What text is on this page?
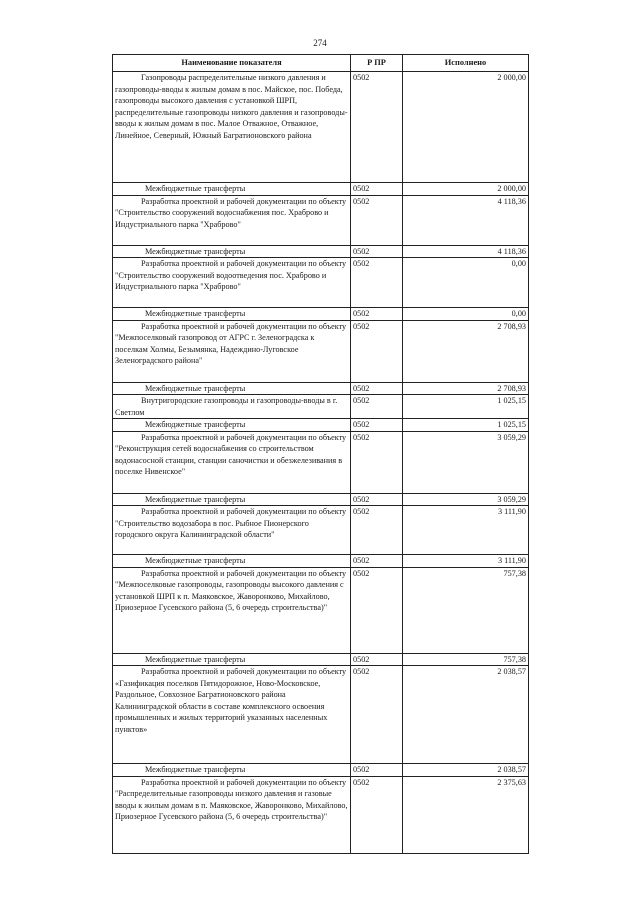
274
Наименование показателя	Р ПР	Исполнено
Газопроводы распределительные низкого давления и газопроводы-вводы к жилым домам в пос. Майское, пос. Победа, газопроводы высокого давления с установкой ШРП, распределительные газопроводы низкого давления и газопроводы-вводы к жилым домам в пос. Малое Отважное, Отважное, Линейное, Северный, Южный Багратионовского района	0502	2 000,00
Межбюджетные трансферты	0502	2 000,00
Разработка проектной и рабочей документации по объекту "Строительство сооружений водоснабжения пос. Храброво и Индустриального парка "Храброво"	0502	4 118,36
Межбюджетные трансферты	0502	4 118,36
Разработка проектной и рабочей документации по объекту "Строительство сооружений водоотведения пос. Храброво и Индустриального парка "Храброво"	0502	0,00
Межбюджетные трансферты	0502	0,00
Разработка проектной и рабочей документации по объекту "Межпоселковый газопровод от АГРС г. Зеленоградска к поселкам Холмы, Безымянка, Надеждино-Луговское Зеленоградского района"	0502	2 708,93
Межбюджетные трансферты	0502	2 708,93
Внутригородские газопроводы и газопроводы-вводы в г. Светлом	0502	1 025,15
Межбюджетные трансферты	0502	1 025,15
Разработка проектной и рабочей документации по объекту "Реконструкция сетей водоснабжения со строительством водонасосной станции, станции саночистки и обезжелезивания в поселке Нивенское"	0502	3 059,29
Межбюджетные трансферты	0502	3 059,29
Разработка проектной и рабочей документации по объекту "Строительство водозабора в пос. Рыбное Пионерского городского округа Калининградской области"	0502	3 111,90
Межбюджетные трансферты	0502	3 111,90
Разработка проектной и рабочей документации по объекту "Межпоселковые газопроводы, газопроводы высокого давления с установкой ШРП к п. Маяковское, Жаворонково, Михайлово, Приозерное Гусевского района (5, 6 очередь строительства)"	0502	757,38
Межбюджетные трансферты	0502	757,38
Разработка проектной и рабочей документации по объекту «Газификация поселков Пятидорожное, Ново-Московское, Раздольное, Совхозное Багратионовского района Калининградской области в составе комплексного освоения промышленных и жилых территорий указанных населенных пунктов»	0502	2 038,57
Межбюджетные трансферты	0502	2 038,57
Разработка проектной и рабочей документации по объекту "Распределительные газопроводы низкого давления и газовые вводы к жилым домам в п. Маяковское, Жаворонково, Михайлово, Приозерное Гусевского района (5, 6 очередь строительства)"	0502	2 375,63
